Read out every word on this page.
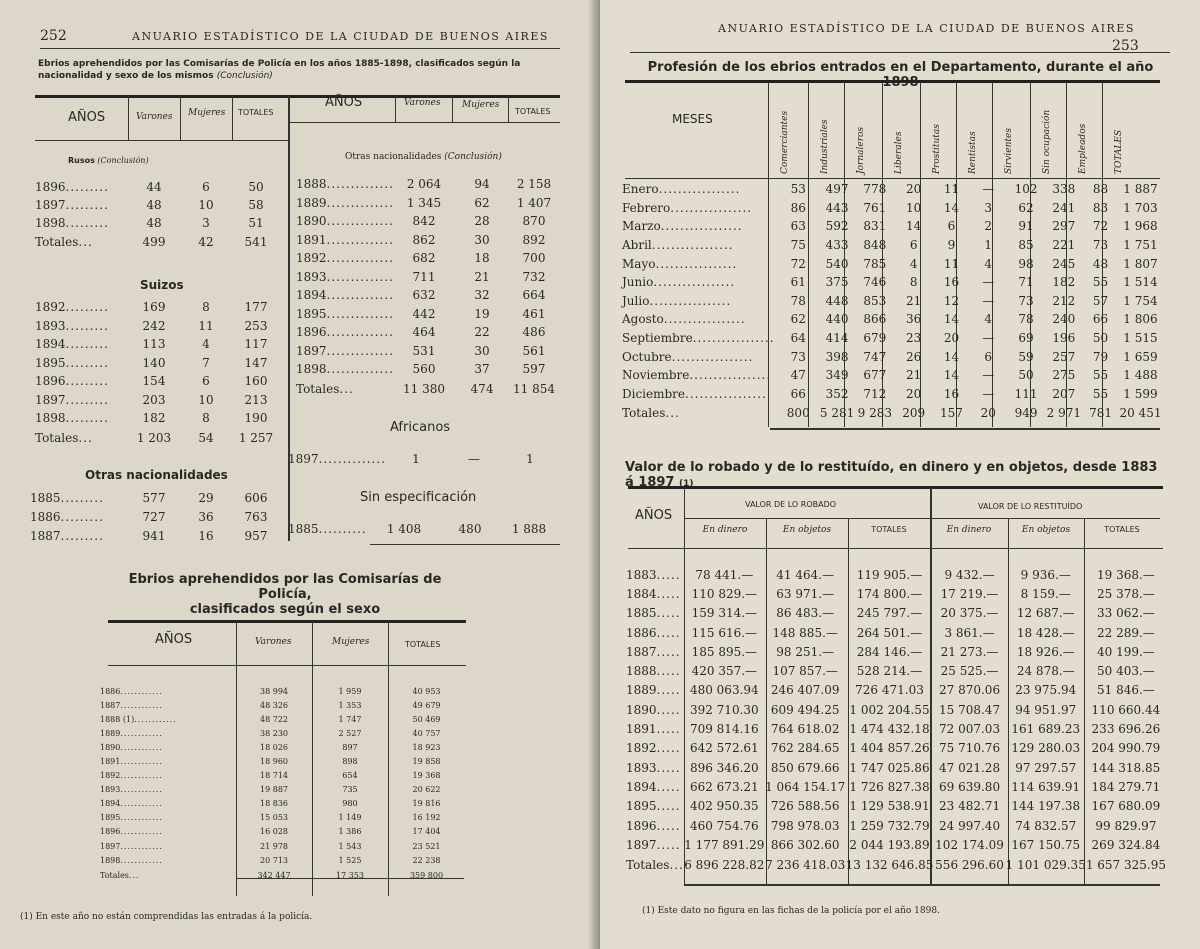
252	ANUARIO ESTADÍSTICO DE LA CIUDAD DE BUENOS AIRES
Ebrios aprehendidos por las Comisarías de Policía en los años 1885-1898, clasificados según la nacionalidad y sexo de los mismos (Conclusión)
AÑOS	Varones Mujeres TOTALES
AÑOS	Varones Mujeres
TOTALES
Rusos (Conclusión)
1896.........	44	6	50
1897.........	48	10	58
1898.........	48	3	51
Totales...	499	42	541
Suizos
1892.........	169	8	177
1893.........	242	11	253
1894.........	113	4	117
1895.........	140	7	147
1896.........	154	6	160
1897.........	203	10	213
1898.........	182	8	190
Totales...	1 203	54	1 257
Otras nacionalidades
1885.........	577	29	606
1886.........	727	36	763
1887.........	941	16	957
Otras nacionalidades (Conclusión)
1888..............	2 064	94	2 158
1889..............	1 345	62	1 407
1890..............	842	28	870
1891..............	862	30	892
1892..............	682	18	700
1893..............	711	21	732
1894..............	632	32	664
1895..............	442	19	461
1896..............	464	22	486
1897..............	531	30	561
1898..............	560	37	597
Totales...	11 380	474	11 854
Africanos
1897..............	1	—	1
Sin especificación
1885..........	1 408	480	1 888
Ebrios aprehendidos por las Comisarías de Policía,
clasificados según el sexo
AÑOS	Varones	Mujeres	TOTALES
1886............	38 994	1 959	40 953
1887............	48 326	1 353	49 679
1888 (1)............	48 722	1 747	50 469
1889............	38 230	2 527	40 757
1890............	18 026	897	18 923
1891............	18 960	898	19 858
1892............	18 714	654	19 368
1893............	19 887	735	20 622
1894............	18 836	980	19 816
1895............	15 053	1 149	16 192
1896............	16 028	1 386	17 404
1897............	21 978	1 543	23 521
1898............	20 713	1 525	22 238
Totales...	342 447	17 353	359 800
(1) En este año no están comprendidas las entradas á la policía.
ANUARIO ESTADÍSTICO DE LA CIUDAD DE BUENOS AIRES
253
Profesión de los ebrios entrados en el Departamento, durante el año 1898
MESES	Comerciantes	Industriales	Jornaleros	Liberales	Prostitutas	Rentistas	Sirvientes	Sin ocupación	Empleados	TOTALES
Enero.................	53	497	778	20	11	—	102	338	88	1 887
Febrero.................	86	443	761	10	14	3	62	241	83	1 703
Marzo.................	63	592	831	14	6	2	91	297	72	1 968
Abril.................	75	433	848	6	9	1	85	221	73	1 751
Mayo.................	72	540	785	4	11	4	98	245	48	1 807
Junio.................	61	375	746	8	16	—	71	182	55	1 514
Julio.................	78	448	853	21	12	—	73	212	57	1 754
Agosto.................	62	440	866	36	14	4	78	240	66	1 806
Septiembre.................	64	414	679	23	20	—	69	196	50	1 515
Octubre.................	73	398	747	26	14	6	59	257	79	1 659
Noviembre.................	47	349	677	21	14	—	50	275	55	1 488
Diciembre.................	66	352	712	20	16	—	111	207	55	1 599
Totales...	800	5 281	9 283	209	157	20	949	2 971	781	20 451
Valor de lo robado y de lo restituído, en dinero y en objetos, desde 1883 á 1897 (1)
AÑOS
VALOR DE LO ROBADO	VALOR DE LO RESTITUÍDO
En dinero	En objetos	TOTALES	En dinero	En objetos	TOTALES
1883.....	78 441.—	41 464.—	119 905.—	9 432.—	9 936.—	19 368.—
1884.....	110 829.—	63 971.—	174 800.—	17 219.—	8 159.—	25 378.—
1885.....	159 314.—	86 483.—	245 797.—	20 375.—	12 687.—	33 062.—
1886.....	115 616.—	148 885.—	264 501.—	3 861.—	18 428.—	22 289.—
1887.....	185 895.—	98 251.—	284 146.—	21 273.—	18 926.—	40 199.—
1888.....	420 357.—	107 857.—	528 214.—	25 525.—	24 878.—	50 403.—
1889.....	480 063.94	246 407.09	726 471.03	27 870.06	23 975.94	51 846.—
1890.....	392 710.30	609 494.25	1 002 204.55	15 708.47	94 951.97	110 660.44
1891.....	709 814.16	764 618.02	1 474 432.18	72 007.03	161 689.23	233 696.26
1892.....	642 572.61	762 284.65	1 404 857.26	75 710.76	129 280.03	204 990.79
1893.....	896 346.20	850 679.66	1 747 025.86	47 021.28	97 297.57	144 318.85
1894.....	662 673.21	1 064 154.17	1 726 827.38	69 639.80	114 639.91	184 279.71
1895.....	402 950.35	726 588.56	1 129 538.91	23 482.71	144 197.38	167 680.09
1896.....	460 754.76	798 978.03	1 259 732.79	24 997.40	74 832.57	99 829.97
1897.....	1 177 891.29	866 302.60	2 044 193.89	102 174.09	167 150.75	269 324.84
Totales...	6 896 228.82	7 236 418.03	13 132 646.85	556 296.60	1 101 029.35	1 657 325.95
(1) Este dato no figura en las fichas de la policía por el año 1898.
